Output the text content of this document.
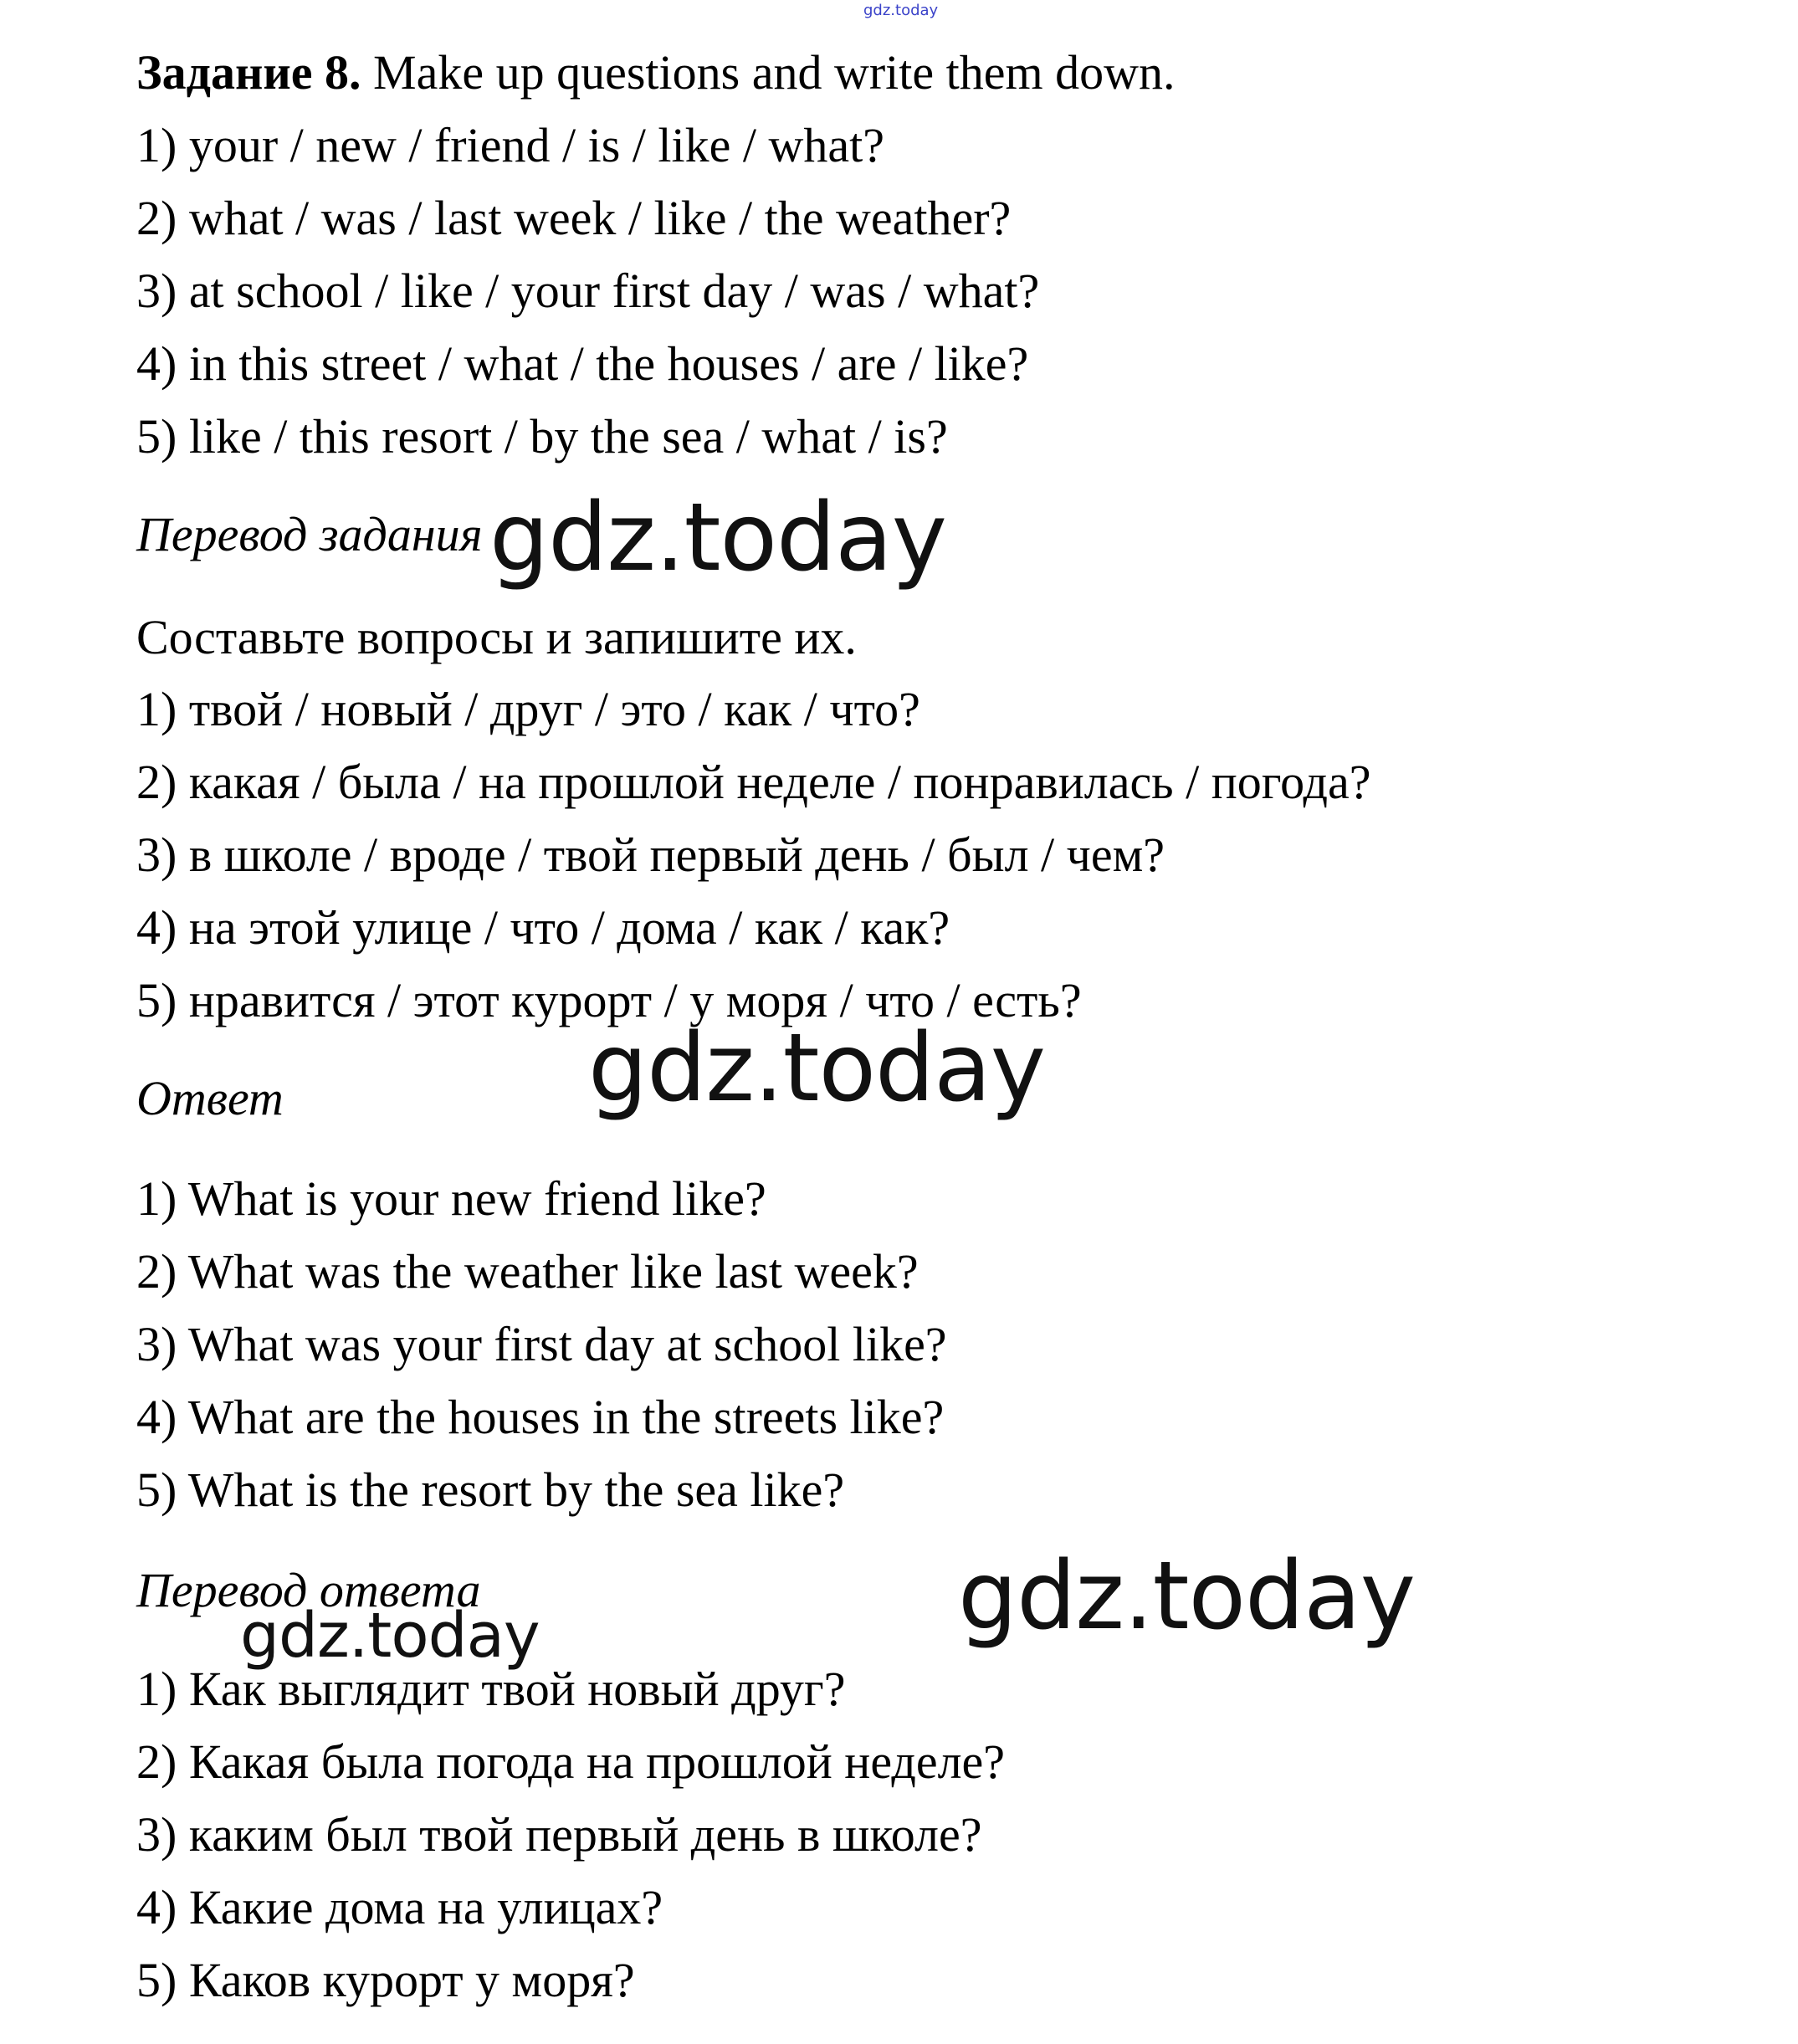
gdz.today
Задание 8. Make up questions and write them down.
1) your / new / friend / is / like / what?
2) what / was / last week / like / the weather?
3) at school / like / your first day / was / what?
4) in this street / what / the houses / are / like?
5) like / this resort / by the sea / what / is?
Перевод задания gdz.today
Составьте вопросы и запишите их.
1) твой / новый / друг / это / как / что?
2) какая / была / на прошлой неделе / понравилась / погода?
3) в школе / вроде / твой первый день / был / чем?
4) на этой улице / что / дома / как / как?
5) нравится / этот курорт / у моря / что / есть?
gdz.today
Ответ
1) What is your new friend like?
2) What was the weather like last week?
3) What was your first day at school like?
4) What are the houses in the streets like?
5) What is the resort by the sea like?
Перевод ответа
gdz.today	gdz.today
1) Как выглядит твой новый друг?
2) Какая была погода на прошлой неделе?
3) каким был твой первый день в школе?
4) Какие дома на улицах?
5) Каков курорт у моря?
